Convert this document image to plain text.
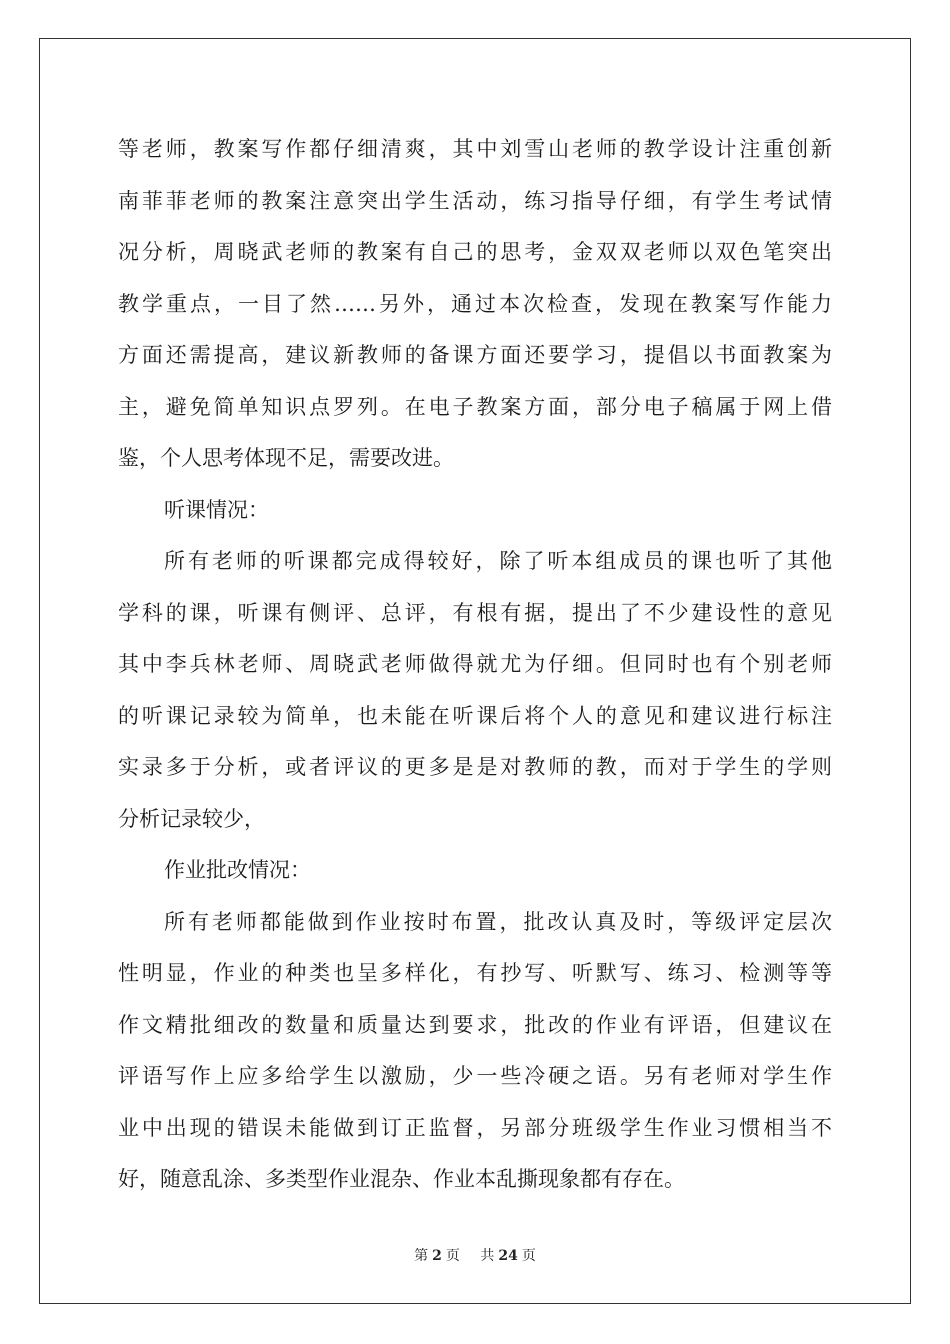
等老师，教案写作都仔细清爽，其中刘雪山老师的教学设计注重创新
南菲菲老师的教案注意突出学生活动，练习指导仔细，有学生考试情
况分析，周晓武老师的教案有自己的思考，金双双老师以双色笔突出
教学重点，一目了然……另外，通过本次检查，发现在教案写作能力
方面还需提高，建议新教师的备课方面还要学习，提倡以书面教案为
主，避免简单知识点罗列。在电子教案方面，部分电子稿属于网上借
鉴，个人思考体现不足，需要改进。
听课情况：
所有老师的听课都完成得较好，除了听本组成员的课也听了其他
学科的课，听课有侧评、总评，有根有据，提出了不少建设性的意见
其中李兵林老师、周晓武老师做得就尤为仔细。但同时也有个别老师
的听课记录较为简单，也未能在听课后将个人的意见和建议进行标注
实录多于分析，或者评议的更多是是对教师的教，而对于学生的学则
分析记录较少，
作业批改情况：
所有老师都能做到作业按时布置，批改认真及时，等级评定层次
性明显，作业的种类也呈多样化，有抄写、听默写、练习、检测等等
作文精批细改的数量和质量达到要求，批改的作业有评语，但建议在
评语写作上应多给学生以激励，少一些冷硬之语。另有老师对学生作
业中出现的错误未能做到订正监督，另部分班级学生作业习惯相当不
好，随意乱涂、多类型作业混杂、作业本乱撕现象都有存在。
第 2 页 共 24 页
